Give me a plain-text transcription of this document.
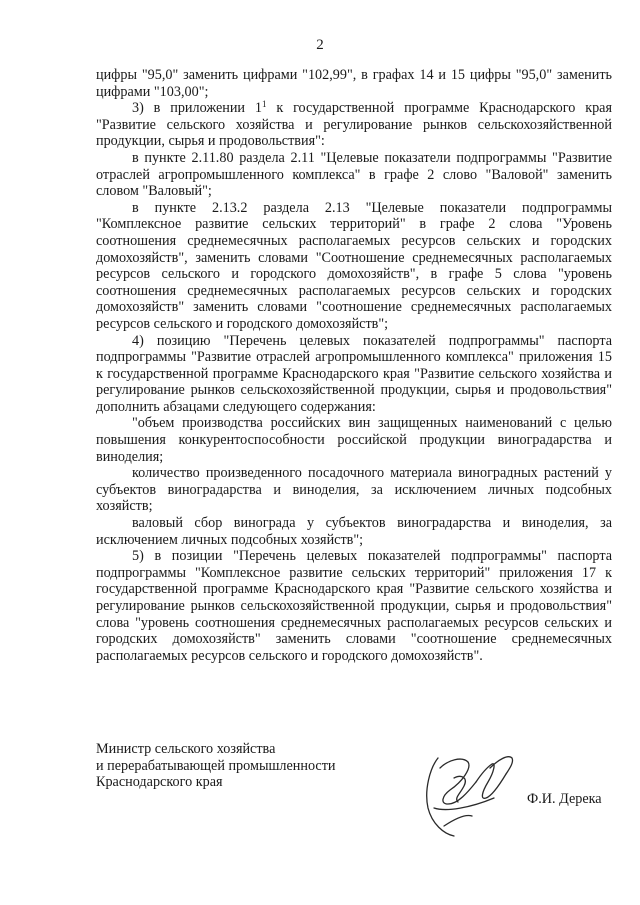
2

цифры "95,0" заменить цифрами "102,99", в графах 14 и 15 цифры "95,0" заменить цифрами "103,00";

3) в приложении $1^1$ к государственной программе Краснодарского края "Развитие сельского хозяйства и регулирование рынков сельскохозяйственной продукции, сырья и продовольствия":

в пункте 2.11.80 раздела 2.11 "Целевые показатели подпрограммы "Развитие отраслей агропромышленного комплекса" в графе 2 слово "Валовой" заменить словом "Валовый";

в пункте 2.13.2 раздела 2.13 "Целевые показатели подпрограммы "Комплексное развитие сельских территорий" в графе 2 слова "Уровень соотношения среднемесячных располагаемых ресурсов сельских и городских домохозяйств", заменить словами "Соотношение среднемесячных располагаемых ресурсов сельского и городского домохозяйств", в графе 5 слова "уровень соотношения среднемесячных располагаемых ресурсов сельских и городских домохозяйств" заменить словами "соотношение среднемесячных располагаемых ресурсов сельского и городского домохозяйств";

4) позицию "Перечень целевых показателей подпрограммы" паспорта подпрограммы "Развитие отраслей агропромышленного комплекса" приложения 15 к государственной программе Краснодарского края "Развитие сельского хозяйства и регулирование рынков сельскохозяйственной продукции, сырья и продовольствия" дополнить абзацами следующего содержания:

"объем производства российских вин защищенных наименований с целью повышения конкурентоспособности российской продукции виноградарства и виноделия;

количество произведенного посадочного материала виноградных растений у субъектов виноградарства и виноделия, за исключением личных подсобных хозяйств;

валовый сбор винограда у субъектов виноградарства и виноделия, за исключением личных подсобных хозяйств";

5) в позиции "Перечень целевых показателей подпрограммы" паспорта подпрограммы "Комплексное развитие сельских территорий" приложения 17 к государственной программе Краснодарского края "Развитие сельского хозяйства и регулирование рынков сельскохозяйственной продукции, сырья и продовольствия" слова "уровень соотношения среднемесячных располагаемых ресурсов сельских и городских домохозяйств" заменить словами "соотношение среднемесячных располагаемых ресурсов сельского и городского домохозяйств".

Министр сельского хозяйства
и перерабатывающей промышленности
Краснодарского края
Ф.И. Дерека
